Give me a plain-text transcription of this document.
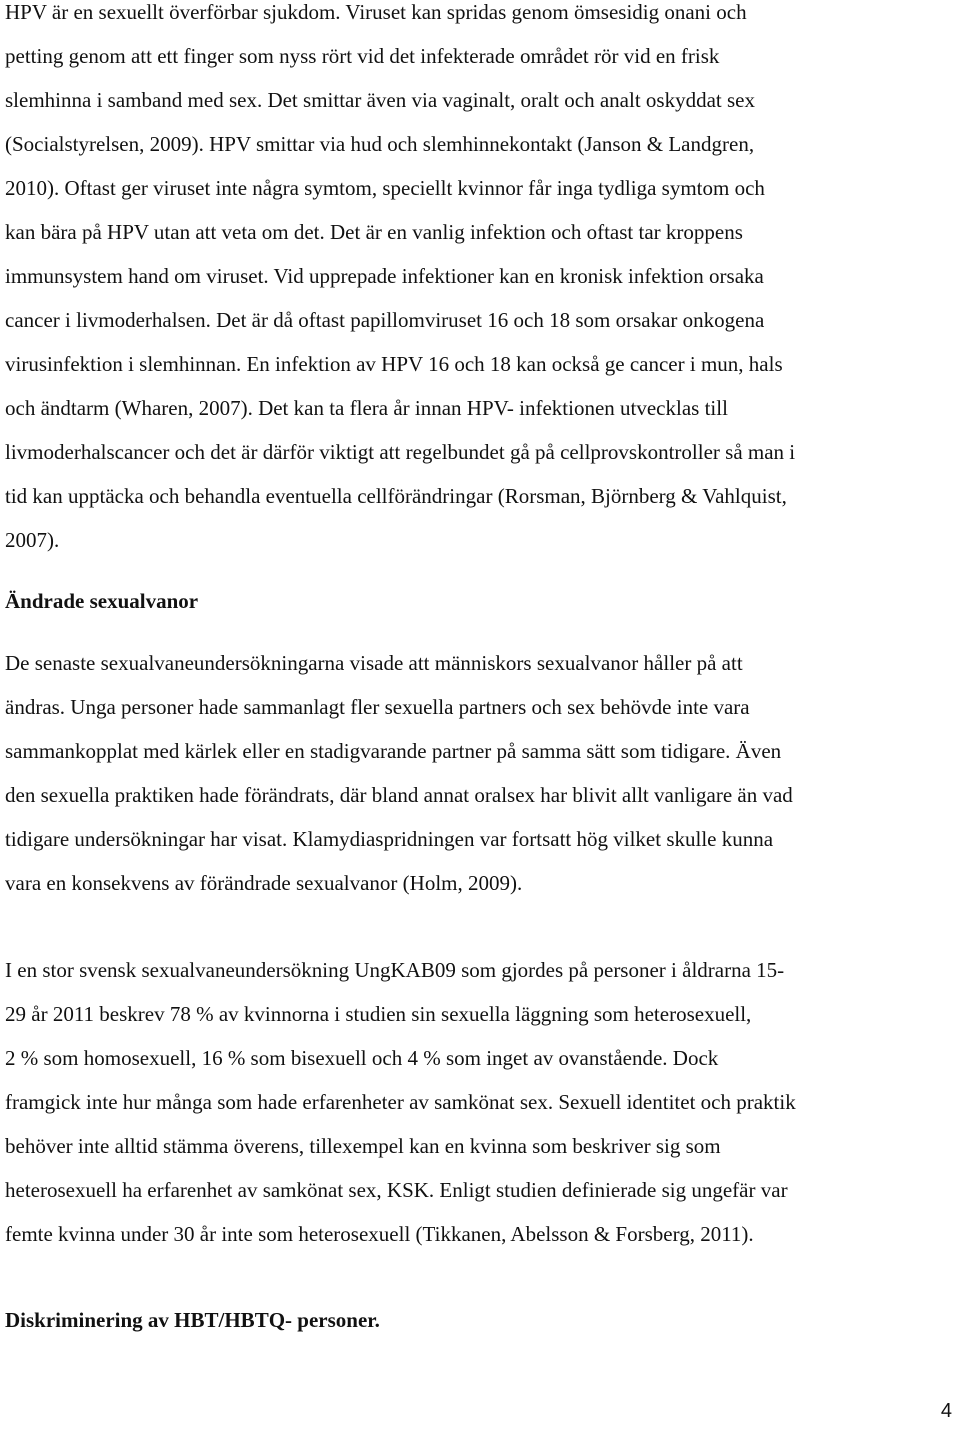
HPV är en sexuellt överförbar sjukdom. Viruset kan spridas genom ömsesidig onani och
petting genom att ett finger som nyss rört vid det infekterade området rör vid en frisk
slemhinna i samband med sex. Det smittar även via vaginalt, oralt och analt oskyddat sex
(Socialstyrelsen, 2009). HPV smittar via hud och slemhinnekontakt (Janson & Landgren,
2010). Oftast ger viruset inte några symtom, speciellt kvinnor får inga tydliga symtom och
kan bära på HPV utan att veta om det. Det är en vanlig infektion och oftast tar kroppens
immunsystem hand om viruset. Vid upprepade infektioner kan en kronisk infektion orsaka
cancer i livmoderhalsen. Det är då oftast papillomviruset 16 och 18 som orsakar onkogena
virusinfektion i slemhinnan. En infektion av HPV 16 och 18 kan också ge cancer i mun, hals
och ändtarm (Wharen, 2007). Det kan ta flera år innan HPV- infektionen utvecklas till
livmoderhalscancer och det är därför viktigt att regelbundet gå på cellprovskontroller så man i
tid kan upptäcka och behandla eventuella cellförändringar (Rorsman, Björnberg & Vahlquist,
2007).
Ändrade sexualvanor
De senaste sexualvaneundersökningarna visade att människors sexualvanor håller på att
ändras. Unga personer hade sammanlagt fler sexuella partners och sex behövde inte vara
sammankopplat med kärlek eller en stadigvarande partner på samma sätt som tidigare. Även
den sexuella praktiken hade förändrats, där bland annat oralsex har blivit allt vanligare än vad
tidigare undersökningar har visat. Klamydiaspridningen var fortsatt hög vilket skulle kunna
vara en konsekvens av förändrade sexualvanor (Holm, 2009).
I en stor svensk sexualvaneundersökning UngKAB09 som gjordes på personer i åldrarna 15-
29 år 2011 beskrev 78 % av kvinnorna i studien sin sexuella läggning som heterosexuell,
2 % som homosexuell, 16 % som bisexuell och 4 % som inget av ovanstående. Dock
framgick inte hur många som hade erfarenheter av samkönat sex. Sexuell identitet och praktik
behöver inte alltid stämma överens, tillexempel kan en kvinna som beskriver sig som
heterosexuell ha erfarenhet av samkönat sex, KSK. Enligt studien definierade sig ungefär var
femte kvinna under 30 år inte som heterosexuell (Tikkanen, Abelsson & Forsberg, 2011).
Diskriminering av HBT/HBTQ- personer.
4
